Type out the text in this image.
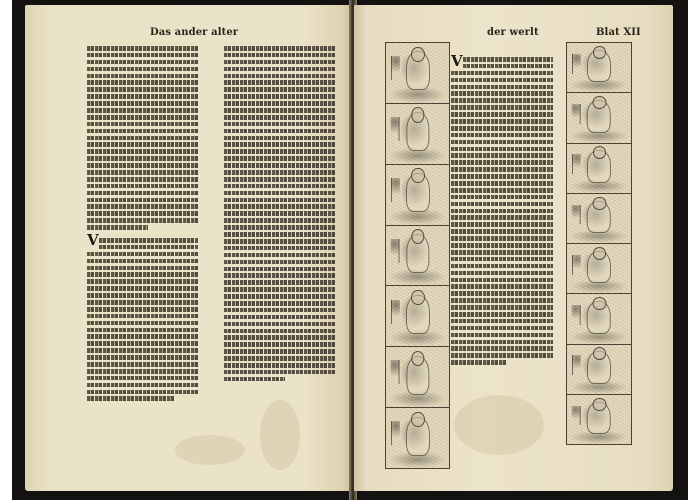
Das ander alter
V
der werlt	Blat XII
V
